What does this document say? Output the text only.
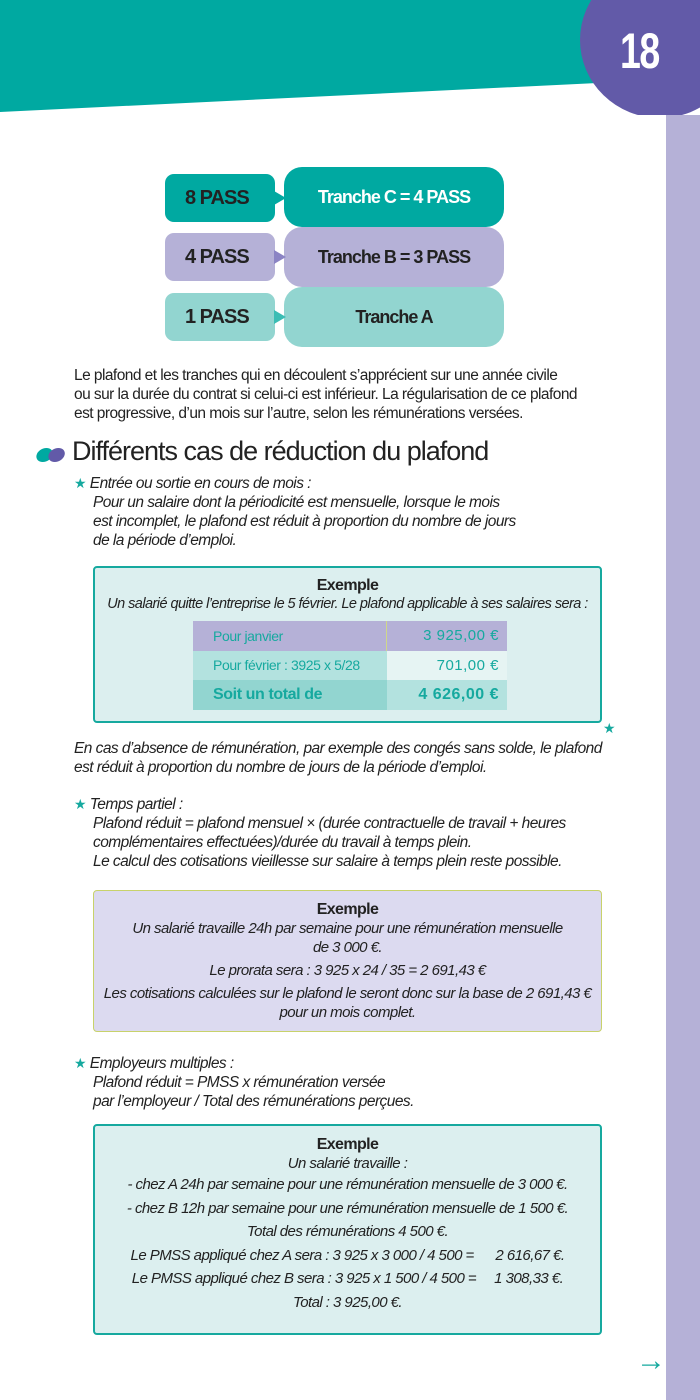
18
Tranche C = 4 PASS
8 PASS
Tranche B = 3 PASS
4 PASS
Tranche A
1 PASS
Le plafond et les tranches qui en découlent s’apprécient sur une année civile
ou sur la durée du contrat si celui-ci est inférieur. La régularisation de ce plafond
est progressive, d’un mois sur l’autre, selon les rémunérations versées.
Différents cas de réduction du plafond
★ Entrée ou sortie en cours de mois :
Pour un salaire dont la périodicité est mensuelle, lorsque le mois
est incomplet, le plafond est réduit à proportion du nombre de jours
de la période d’emploi.
Exemple
Un salarié quitte l’entreprise le 5 février. Le plafond applicable à ses salaires sera :
Pour janvier	3 925,00 €
Pour février : 3925 x 5/28	701,00 €
Soit un total de	4 626,00 €
★
En cas d’absence de rémunération, par exemple des congés sans solde, le plafond
est réduit à proportion du nombre de jours de la période d’emploi.
★ Temps partiel :
Plafond réduit = plafond mensuel × (durée contractuelle de travail + heures
complémentaires effectuées)/durée du travail à temps plein.
Le calcul des cotisations vieillesse sur salaire à temps plein reste possible.
Exemple
Un salarié travaille 24h par semaine pour une rémunération mensuelle
de 3 000 €.
Le prorata sera : 3 925 x 24 / 35 = 2 691,43 €
Les cotisations calculées sur le plafond le seront donc sur la base de 2 691,43 €
pour un mois complet.
★ Employeurs multiples :
Plafond réduit = PMSS x rémunération versée
par l’employeur / Total des rémunérations perçues.
Exemple
Un salarié travaille :
- chez A 24h par semaine pour une rémunération mensuelle de 3 000 €.
- chez B 12h par semaine pour une rémunération mensuelle de 1 500 €.
Total des rémunérations 4 500 €.
Le PMSS appliqué chez A sera : 3 925 x 3 000 / 4 500 =      2 616,67 €.
Le PMSS appliqué chez B sera : 3 925 x 1 500 / 4 500 =     1 308,33 €.
Total : 3 925,00 €.
→
